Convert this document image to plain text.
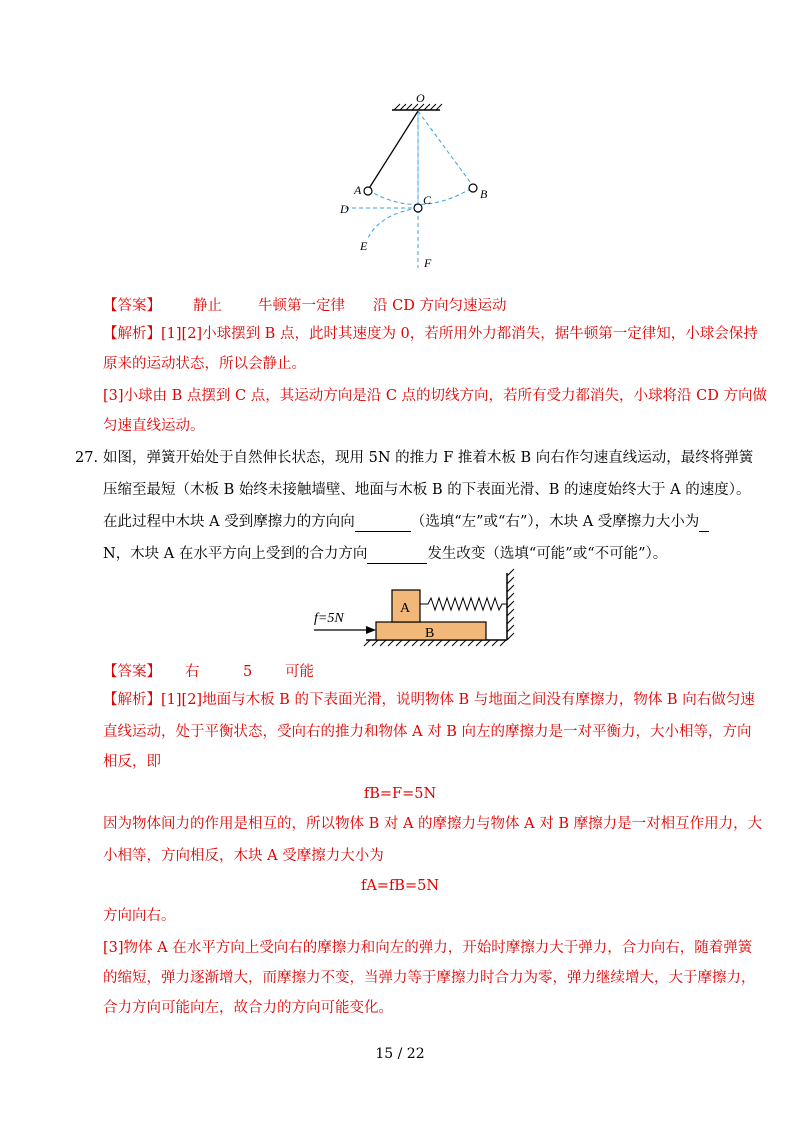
O
A
C	B
D
E
F
【答案】 静止 牛顿第一定律 沿 CD 方向匀速运动
【解析】[1][2]小球摆到 B 点，此时其速度为 0，若所用外力都消失，据牛顿第一定律知，小球会保持
原来的运动状态，所以会静止。
[3]小球由 B 点摆到 C 点，其运动方向是沿 C 点的切线方向，若所有受力都消失，小球将沿 CD 方向做
匀速直线运动。
27. 如图，弹簧开始处于自然伸长状态，现用 5N 的推力 F 推着木板 B 向右作匀速直线运动，最终将弹簧
压缩至最短（木板 B 始终未接触墙壁、地面与木板 B 的下表面光滑、B 的速度始终大于 A 的速度）。
在此过程中木块 A 受到摩擦力的方向向	（选填“左”或“右”），木块 A 受摩擦力大小为
N，木块 A 在水平方向上受到的合力方向	发生改变（选填“可能”或“不可能”）。
B
A
f=5N
【答案】 右	5 可能
【解析】[1][2]地面与木板 B 的下表面光滑，说明物体 B 与地面之间没有摩擦力，物体 B 向右做匀速
直线运动，处于平衡状态，受向右的推力和物体 A 对 B 向左的摩擦力是一对平衡力，大小相等，方向
相反，即
fB=F=5N
因为物体间力的作用是相互的，所以物体 B 对 A 的摩擦力与物体 A 对 B 摩擦力是一对相互作用力，大
小相等，方向相反，木块 A 受摩擦力大小为
fA=fB=5N
方向向右。
[3]物体 A 在水平方向上受向右的摩擦力和向左的弹力，开始时摩擦力大于弹力，合力向右，随着弹簧
的缩短，弹力逐渐增大，而摩擦力不变，当弹力等于摩擦力时合力为零，弹力继续增大，大于摩擦力，
合力方向可能向左，故合力的方向可能变化。
15 / 22
